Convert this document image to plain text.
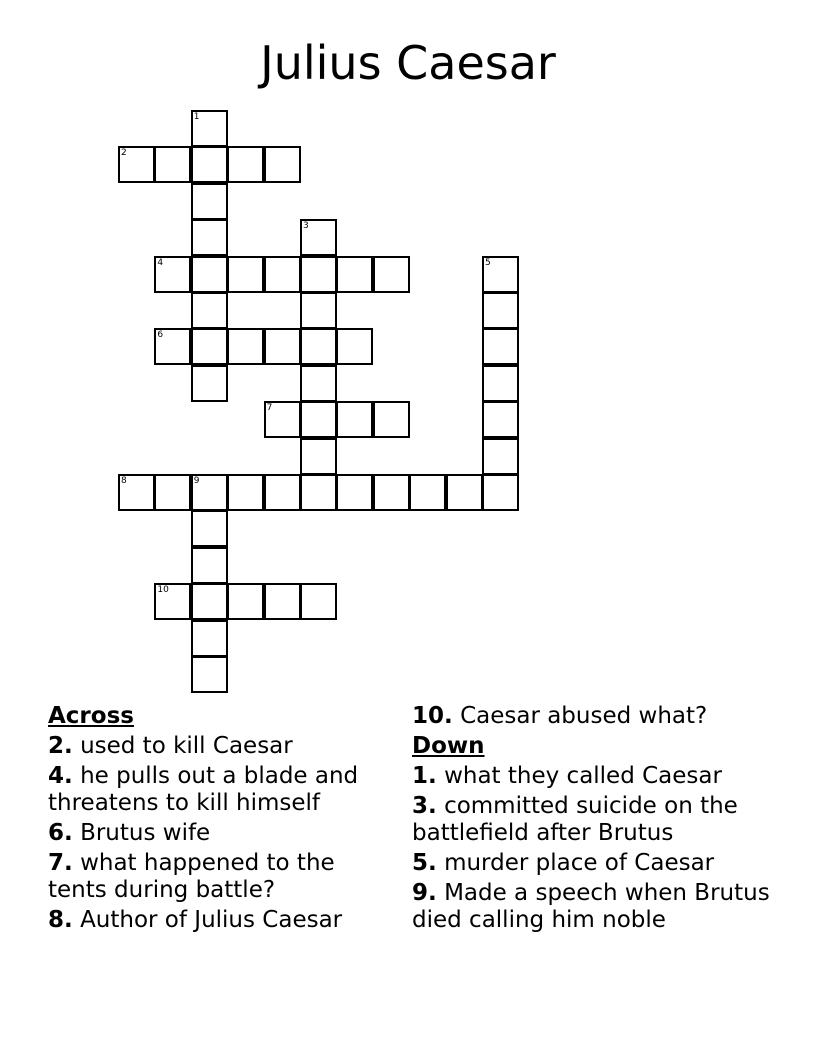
Julius Caesar
1
2
3
4	5
6
7
8	9
10
Across
2. used to kill Caesar
4. he pulls out a blade and threatens to kill himself
6. Brutus wife
7. what happened to the tents during battle?
8. Author of Julius Caesar
10. Caesar abused what?
Down
1. what they called Caesar
3. committed suicide on the battlefield after Brutus
5. murder place of Caesar
9. Made a speech when Brutus died calling him noble
